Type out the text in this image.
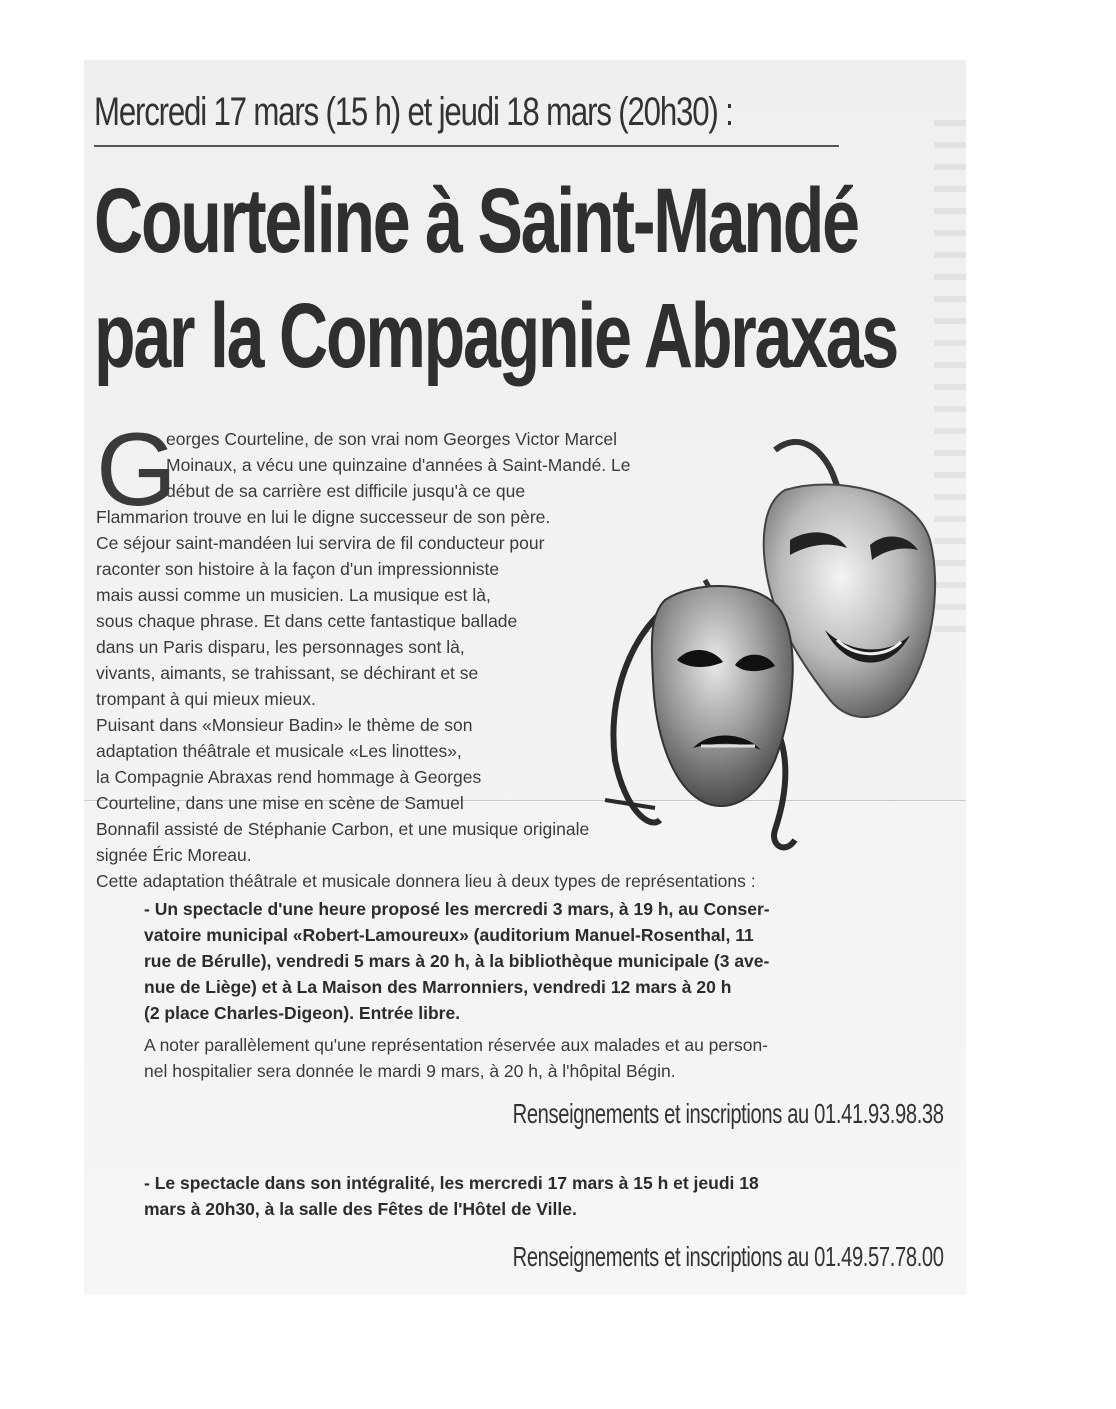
Mercredi 17 mars (15 h) et jeudi 18 mars (20h30) :
Courteline à Saint-Mandé
par la Compagnie Abraxas
G
eorges Courteline, de son vrai nom Georges Victor Marcel
Moinaux, a vécu une quinzaine d'années à Saint-Mandé. Le
début de sa carrière est difficile jusqu'à ce que
Flammarion trouve en lui le digne successeur de son père.
Ce séjour saint-mandéen lui servira de fil conducteur pour
raconter son histoire à la façon d'un impressionniste
mais aussi comme un musicien. La musique est là,
sous chaque phrase. Et dans cette fantastique ballade
dans un Paris disparu, les personnages sont là,
vivants, aimants, se trahissant, se déchirant et se
trompant à qui mieux mieux.
Puisant dans «Monsieur Badin» le thème de son
adaptation théâtrale et musicale «Les linottes»,
la Compagnie Abraxas rend hommage à Georges
Courteline, dans une mise en scène de Samuel
Bonnafil assisté de Stéphanie Carbon, et une musique originale
signée Éric Moreau.
Cette adaptation théâtrale et musicale donnera lieu à deux types de représentations :
- Un spectacle d'une heure proposé les mercredi 3 mars, à 19 h, au Conser-
vatoire municipal «Robert-Lamoureux» (auditorium Manuel-Rosenthal, 11
rue de Bérulle), vendredi 5 mars à 20 h, à la bibliothèque municipale (3 ave-
nue de Liège) et à La Maison des Marronniers, vendredi 12 mars à 20 h
(2 place Charles-Digeon). Entrée libre.
A noter parallèlement qu'une représentation réservée aux malades et au person-
nel hospitalier sera donnée le mardi 9 mars, à 20 h, à l'hôpital Bégin.
- Le spectacle dans son intégralité, les mercredi 17 mars à 15 h et jeudi 18
mars à 20h30, à la salle des Fêtes de l'Hôtel de Ville.
Renseignements et inscriptions au 01.41.93.98.38
Renseignements et inscriptions au 01.49.57.78.00
